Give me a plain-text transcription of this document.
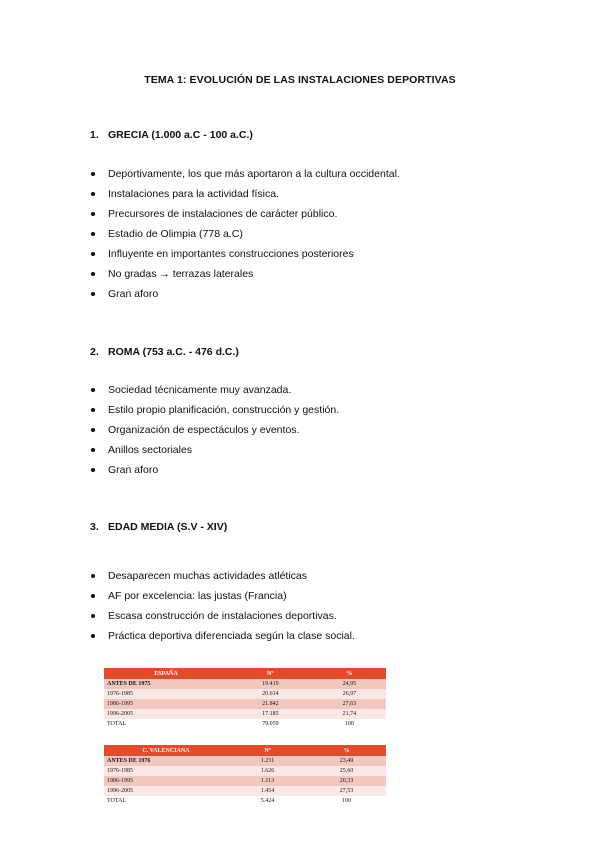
TEMA 1: EVOLUCIÓN DE LAS INSTALACIONES DEPORTIVAS
1. GRECIA (1.000 a.C - 100 a.C.)
Deportivamente, los que más aportaron a la cultura occidental.
Instalaciones para la actividad física.
Precursores de instalaciones de carácter público.
Estadio de Olimpia (778 a.C)
Influyente en importantes construcciones posteriores
No gradas → terrazas laterales
Gran aforo
2. ROMA (753 a.C. - 476 d.C.)
Sociedad técnicamente muy avanzada.
Estilo propio planificación, construcción y gestión.
Organización de espectáculos y eventos.
Anillos sectoriales
Gran aforo
3. EDAD MEDIA (S.V - XIV)
Desaparecen muchas actividades atléticas
AF por excelencia: las justas (Francia)
Escasa construcción de instalaciones deportivas.
Práctica deportiva diferenciada según la clase social.
ESPAÑA	Nº	%
ANTES DE 1975	19.419	24,95
1976-1985	20.614	26,97
1986-1995	21.842	27,63
1996-2005	17.185	21,74
TOTAL	79.059	100
C. VALENCIANA	Nº	%
ANTES DE 1976	1.231	23,49
1976-1985	1.626	25,60
1986-1995	1.113	20,33
1996-2005	1.454	27,53
TOTAL	5.424	100
